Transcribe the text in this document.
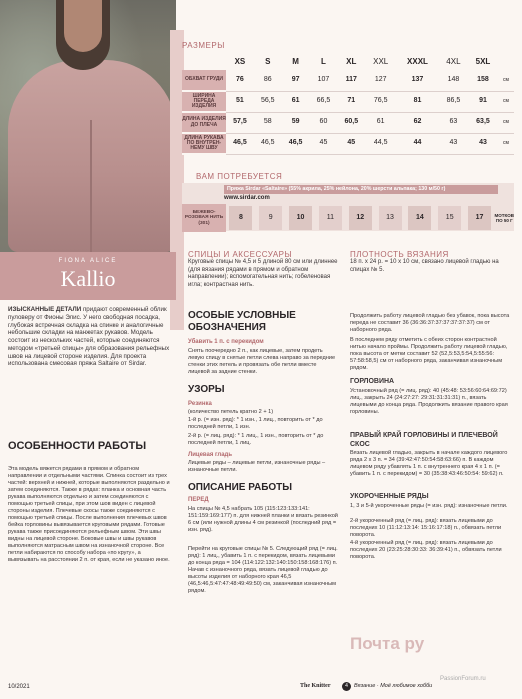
FIONA ALICE
Kallio
РАЗМЕРЫ
	XS	S	M	L	XL	XXL	XXXL	4XL	5XL	
ОБХВАТ ГРУДИ	76	86	97	107	117	127	137	148	158	см
ШИРИНА ПЕРЕДА ИЗДЕЛИЯ	51	56,5	61	66,5	71	76,5	81	86,5	91	см
ДЛИНА ИЗДЕЛИЯ ДО ПЛЕЧА	57,5	58	59	60	60,5	61	62	63	63,5	см
ДЛИНА РУКАВА ПО ВНУТРЕН-НЕМУ ШВУ	46,5	46,5	46,5	45	45	44,5	44	43	43	см
ВАМ ПОТРЕБУЕТСЯ
Пряжа Sirdar «Saltaire» (55% акрила, 25% нейлона, 20% шерсти альпака; 130 м/50 г)
www.sirdar.com
БЕЖЕВО-РОЗОВАЯ НИТЬ (301)	8	9	10	11	12	13	14	15	17	МОТКОВ ПО 50 Г
СПИЦЫ И АКСЕССУАРЫ
Круговые спицы № 4,5 и 5 длиной 80 см или длиннее (для вязания рядами в прямом и обратном направлении); вспомогательная нить; гобеленовая игла; контрастная нить.
ПЛОТНОСТЬ ВЯЗАНИЯ
18 п. х 24 р. = 10 х 10 см, связано лицевой гладью на спицах № 5.
ИЗЫСКАННЫЕ ДЕТАЛИ придают современный облик пуловеру от Фионы Элис. У него свободная посадка, глубокая встречная складка на спинке и аналогичные небольшие складки на манжетах рукавов. Модель состоит из нескольких частей, которые соединяются методом «третьей спицы» для образования рельефных швов на лицевой стороне изделия. Для проекта использована смесовая пряжа Saltaire от Sirdar.
ОСОБЕННОСТИ РАБОТЫ
Эта модель вяжется рядами в прямом и обратном направлении и отдельными частями. Спинка состоит из трех частей: верхней и нижней, которые выполняются раздельно и затем соединяются. Также в рядах: планка и основная часть рукава выполняются отдельно и затем соединяются с помощью третьей спицы, при этом шов виден с лицевой стороны изделия. Плечевые скосы также соединяются с помощью третьей спицы. После выполнения плечевых швов бейка горловины вывязывается круговыми рядами. Готовые рукава также присоединяются рельефным швом. Эти швы видны на лицевой стороне. Боковые швы и швы рукавов выполняются матрасным швом на изнаночной стороне. Все петли набираются по способу набора «по кругу», а вывязывать на расстоянии 2 п. от края, если не указано иное.
ОСОБЫЕ УСЛОВНЫЕ ОБОЗНАЧЕНИЯ
Убавить 1 п. с перекидом
Снять поочередно 2 п., как лицевые, затем продеть левую спицу в снятые петли слева направо за передние стенки этих петель и провязать обе петли вместе лицевой за задние стенки.
УЗОРЫ
Резинка
(количество петель кратно 2 + 1)
1-й р. (= изн. ряд): * 1 изн., 1 лиц., повторить от * до последней петли, 1 изн.
2-й р. (= лиц. ряд): * 1 лиц., 1 изн., повторить от * до последней петли, 1 лиц.
Лицевая гладь
Лицевые ряды – лицевые петли, изнаночные ряды – изнаночные петли.
ОПИСАНИЕ РАБОТЫ
ПЕРЕД
На спицы № 4,5 набрать 105 (115:123:133:141: 151:159:169:177) п. для нижней планки и вязать резинкой 6 см (или нужной длины 4 см резинкой (последний ряд = изн. ряд).
Перейти на круговые спицы № 5. Следующий ряд (= лиц. ряд): 1 лиц., убавить 1 п. с перекидом, вязать лицевыми до конца ряда = 104 (114:122:132:140:150:158:168:176) п. Начав с изнаночного ряда, вязать лицевой гладью до высоты изделия от наборного края 46,5 (46,5:46,5:47:47:48:49:49:50) см, заканчивая изнаночным рядом.
Продолжить работу лицевой гладью без убавок, пока высота переда не составит 36 (36:36:37:37:37:37:37:37) см от наборного ряда.
В последнем ряду отметить с обеих сторон контрастной нитью начало проймы. Продолжить работу лицевой гладью, пока высота от метки составит 52 (52,5:53,5:54,5:55:56: 57:58:58,5) см от наборного ряда, заканчивая изнаночным рядом.
ГОРЛОВИНА
Установочный ряд (= лиц. ряд): 40 (45:48: 53:56:60:64:69:72) лиц., закрыть 24 (24:27:27: 29:31:31:31:31) п., вязать лицевыми до конца ряда. Продолжить вязание правого края горловины.
ПРАВЫЙ КРАЙ ГОРЛОВИНЫ И ПЛЕЧЕВОЙ СКОС
Вязать лицевой гладью, закрыть в начале каждого лицевого ряда 2 х 3 п. = 34 (39:42:47:50:54:58:63:66) п. В каждом лицевом ряду убавлять 1 п. с внутреннего края 4 х 1 п. (= убавить 1 п. с перекидом) = 30 (35:38:43:46:50:54: 59:62) п.
УКОРОЧЕННЫЕ РЯДЫ
1, 3 и 5-й укороченные ряды (= изн. ряд): изнаночные петли.
2-й укороченный ряд (= лиц. ряд): вязать лицевыми до последних 10 (11:12:13:14: 15:16:17:18) п., обвязать петли поворота.
4-й укороченный ряд (= лиц. ряд): вязать лицевыми до последних 20 (23:25:28:30:33: 36:39:41) п., обвязать петли поворота.
Почта ру
PassionForum.ru
10/2021	The Knitter	4	Вязание · Моё любимое хобби
